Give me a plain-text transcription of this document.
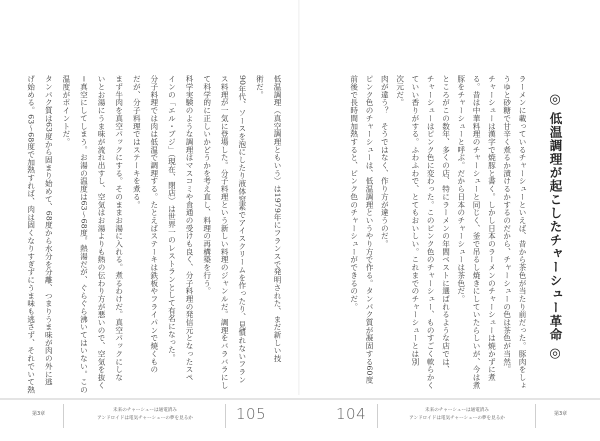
低温調理（真空調理ともいう）は1979年にフランスで発明された、まだ新しい技
術だ。
90年代、ソースを泡にしたり液体窒素でアイスクリームを作ったり、見慣れないフラン
ス料理が一気に登場した。分子料理という新しい料理のジャンルだ。調理をバラバラにし
て科学的に正しいかどうかを考え直し、料理の再構築を行う。
科学実験のような調理はマスコミや食通の受けも良く、分子料理の発信元となったスペ
インの「エル・ブジ」（現在、閉店）は世界一のレストランとして有名になった。
分子料理では肉は低温で調理する。たとえばステーキは鉄板やフライパンで焼くもの
だが、分子料理ではステーキを煮る。
まず牛肉を真空パックにする。そのままお湯に入れる。煮るわけだ。真空パックにしな
いとお湯にうま味が流れ出すし、空気はお湯よりも熱の伝わり方が悪いので、空気を抜く
＝真空にしてしまう。お湯の温度は63〜68度。熱湯だが、ぐらぐら沸いてはいない。この
温度がポイントだ。
タンパク質は63度から固まり始めて、68度から水分を分離、つまりうま味が肉の外に逃
げ始める。63〜68度で加熱すれば、肉は固くなりすぎずにうま味も逃さず、それでいて熱
第3章
未来のチャーシューは通電済み
アンドロイドは電気チャーシューの夢を見るか	105
◎
低温調理が起こしたチャーシュー革命
◎
ラーメンに載っているチャーシューといえば、昔から茶色が当たり前だった。豚肉をしょ
うゆと砂糖で甘辛く煮るか漬けるかするのだから、チャーシューの色は茶色が当然。
チャーシューは漢字で焼豚と書く。しかし日本のラーメンのチャーシューは焼かずに煮
る。昔は中華料理のチャーシューと同じく、釜で吊るし焼きにしていたらしいが、今は煮
豚をチャーシューと呼ぶ。だから日本のチャーシューは茶色だ。
ところがこの数年、多くの店、特にラーメンの年間ベストに選ばれるような店では、
チャーシューはピンク色に変わった。このピンク色のチャーシュー、ものすごく軟らかく
ていい香りがする。ふわふわで、とてもおいしい。これまでのチャーシューとは別
次元だ。
肉が違う？　そうではなく、作り方が違うのだ。
ピンク色のチャーシューは、低温調理というやり方で作る。タンパク質が凝固する60度
前後で長時間加熱すると、ピンク色のチャーシューができるのだ。
104	未来のチャーシューは通電済み
アンドロイドは電気チャーシューの夢を見るか
第3章
